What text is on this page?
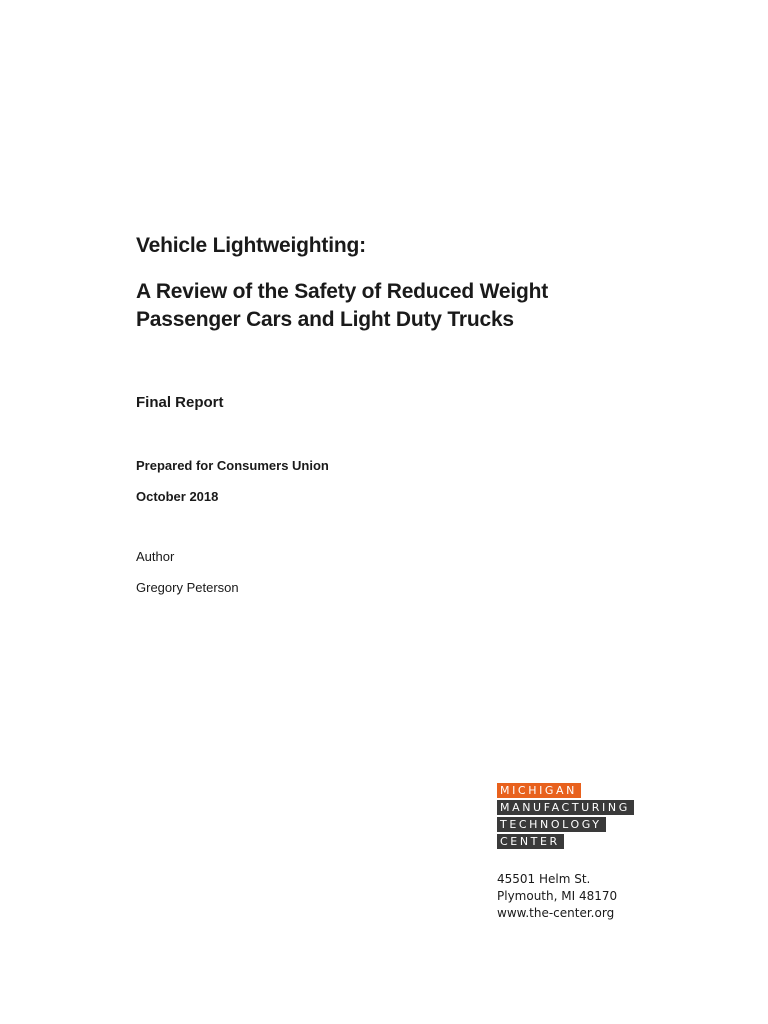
Vehicle Lightweighting:

A Review of the Safety of Reduced Weight

Passenger Cars and Light Duty Trucks

Final Report
Prepared for Consumers Union
October 2018
Author
Gregory Peterson
MICHIGAN
MANUFACTURING
TECHNOLOGY
CENTER
45501 Helm St.
Plymouth, MI 48170
www.the-center.org
